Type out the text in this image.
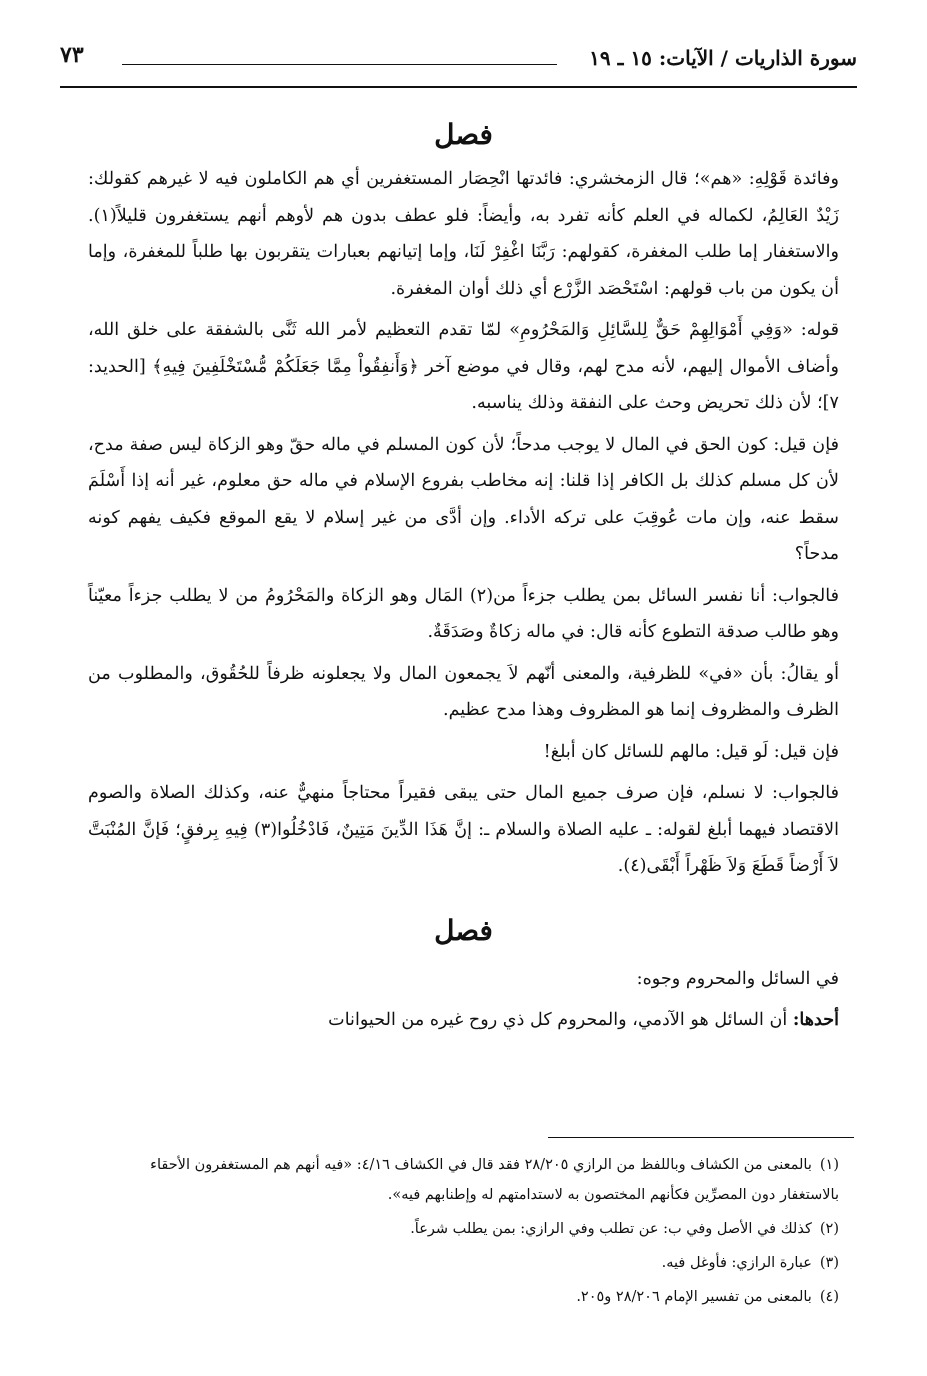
سورة الذاريات / الآيات: ١٥ ـ ١٩
٧٣
فصل

وفائدة قَوْلِهِ: «هم»؛ قال الزمخشري: فائدتها انْحِصَار المستغفرين أي هم الكاملون فيه لا غيرهم كقولك: زَيْدٌ العَالِمُ، لكماله في العلم كأنه تفرد به، وأيضاً: فلو عطف بدون هم لأوهم أنهم يستغفرون قليلاً(١). والاستغفار إما طلب المغفرة، كقولهم: رَبَّنَا اغْفِرْ لَنَا، وإما إتيانهم بعبارات يتقربون بها طلباً للمغفرة، وإما أن يكون من باب قولهم: اسْتَحْصَد الزَّرْع أي ذلك أوان المغفرة.

قوله: «وَفِي أَمْوَالِهِمْ حَقٌّ لِلسَّائِلِ وَالمَحْرُومِ» لمّا تقدم التعظيم لأمر الله ثَنَّى بالشفقة على خلق الله، وأضاف الأموال إليهم، لأنه مدح لهم، وقال في موضع آخر ﴿وَأَنفِقُواْ مِمَّا جَعَلَكُمْ مُّسْتَخْلَفِينَ فِيهِ﴾ [الحديد: ٧]؛ لأن ذلك تحريض وحث على النفقة وذلك يناسبه.

فإن قيل: كون الحق في المال لا يوجب مدحاً؛ لأن كون المسلم في ماله حقّ وهو الزكاة ليس صفة مدح، لأن كل مسلم كذلك بل الكافر إذا قلنا: إنه مخاطب بفروع الإسلام في ماله حق معلوم، غير أنه إذا أَسْلَمَ سقط عنه، وإن مات عُوقِبَ على تركه الأداء. وإن أدَّى من غير إسلام لا يقع الموقع فكيف يفهم كونه مدحاً؟

فالجواب: أنا نفسر السائل بمن يطلب جزءاً من(٢) المَال وهو الزكاة والمَحْرُومُ من لا يطلب جزءاً معيّناً وهو طالب صدقة التطوع كأنه قال: في ماله زكاةٌ وصَدَقَةٌ.

أو يقالُ: بأن «في» للظرفية، والمعنى أنّهم لاَ يجمعون المال ولا يجعلونه ظرفاً للحُقُوق، والمطلوب من الظرف والمظروف إنما هو المظروف وهذا مدح عظيم.

فإن قيل: لَو قيل: مالهم للسائل كان أبلغ!

فالجواب: لا نسلم، فإن صرف جميع المال حتى يبقى فقيراً محتاجاً منهيٌّ عنه، وكذلك الصلاة والصوم الاقتصاد فيهما أبلغ لقوله: ـ عليه الصلاة والسلام ـ: إنَّ هَذَا الدِّينَ مَتِينٌ، فَادْخُلُوا(٣) فِيهِ بِرفقٍ؛ فَإنَّ المُنْبَتَّ لاَ أَرْضاً قَطَعَ وَلاَ ظَهْراً أَبْقَى(٤).

فصل

في السائل والمحروم وجوه:

أحدها: أن السائل هو الآدمي، والمحروم كل ذي روح غيره من الحيوانات

(١)بالمعنى من الكشاف وباللفظ من الرازي ٢٨/٢٠٥ فقد قال في الكشاف ٤/١٦: «فيه أنهم هم المستغفرون الأحقاء بالاستغفار دون المصرِّين فكأنهم المختصون به لاستدامتهم له وإطنابهم فيه».

(٢)كذلك في الأصل وفي ب: عن تطلب وفي الرازي: بمن يطلب شرعاً.

(٣)عبارة الرازي: فأوغل فيه.

(٤)بالمعنى من تفسير الإمام ٢٨/٢٠٦ و٢٠٥.
